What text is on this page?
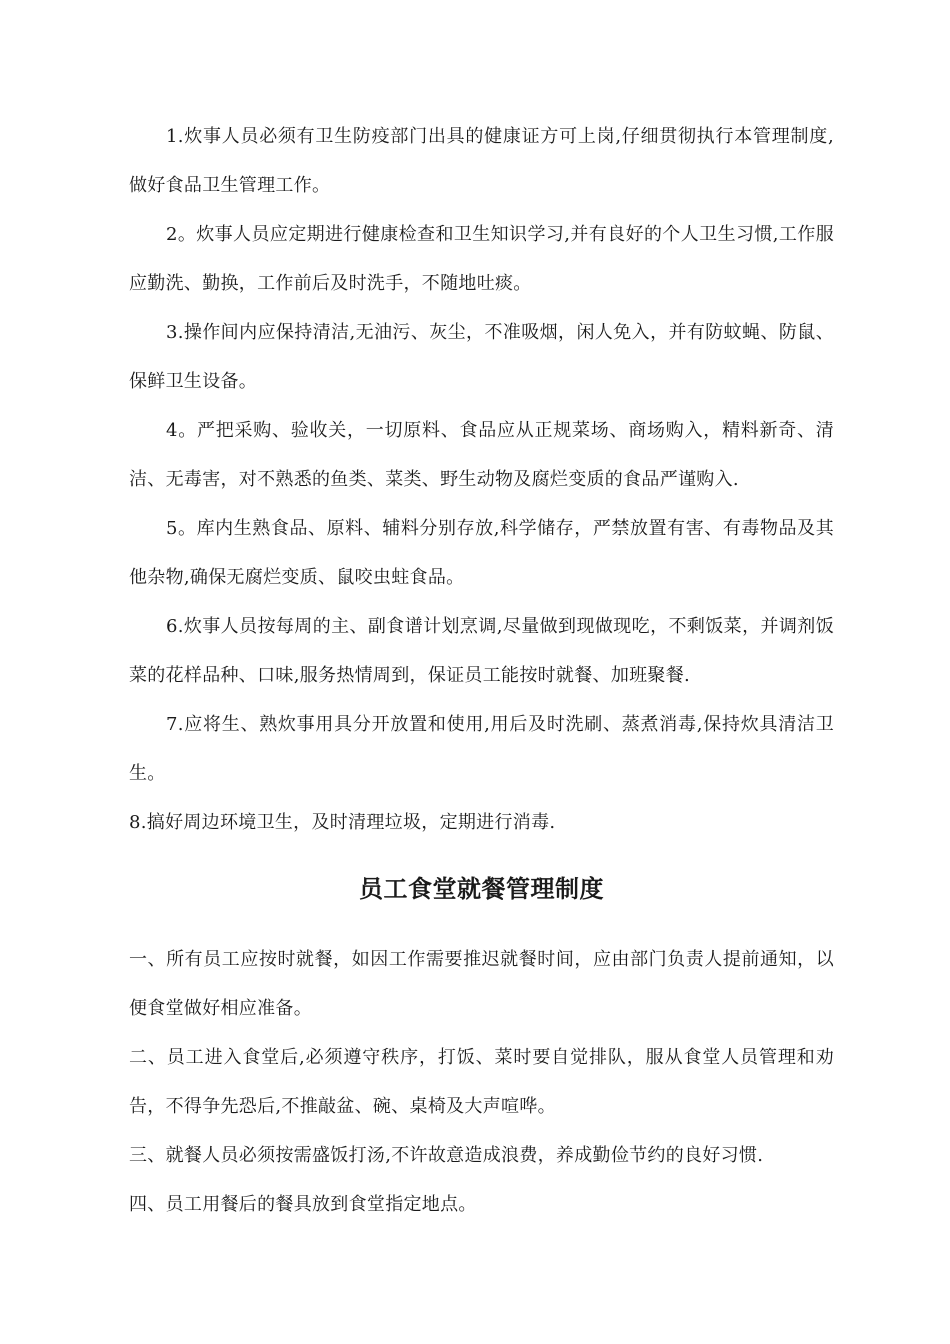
1.炊事人员必须有卫生防疫部门出具的健康证方可上岗,仔细贯彻执行本管理制度,做好食品卫生管理工作。

2。炊事人员应定期进行健康检查和卫生知识学习,并有良好的个人卫生习惯,工作服应勤洗、勤换，工作前后及时洗手，不随地吐痰。

3.操作间内应保持清洁,无油污、灰尘，不准吸烟，闲人免入，并有防蚊蝇、防鼠、保鲜卫生设备。

4。严把采购、验收关，一切原料、食品应从正规菜场、商场购入，精料新奇、清洁、无毒害，对不熟悉的鱼类、菜类、野生动物及腐烂变质的食品严谨购入.

5。库内生熟食品、原料、辅料分别存放,科学储存，严禁放置有害、有毒物品及其他杂物,确保无腐烂变质、鼠咬虫蛀食品。

6.炊事人员按每周的主、副食谱计划烹调,尽量做到现做现吃，不剩饭菜，并调剂饭菜的花样品种、口味,服务热情周到，保证员工能按时就餐、加班聚餐.

7.应将生、熟炊事用具分开放置和使用,用后及时洗刷、蒸煮消毒,保持炊具清洁卫生。

8.搞好周边环境卫生，及时清理垃圾，定期进行消毒.

员工食堂就餐管理制度

一、所有员工应按时就餐，如因工作需要推迟就餐时间，应由部门负责人提前通知，以便食堂做好相应准备。

二、员工进入食堂后,必须遵守秩序，打饭、菜时要自觉排队，服从食堂人员管理和劝告，不得争先恐后,不推敲盆、碗、桌椅及大声喧哗。

三、就餐人员必须按需盛饭打汤,不许故意造成浪费，养成勤俭节约的良好习惯.

四、员工用餐后的餐具放到食堂指定地点。
